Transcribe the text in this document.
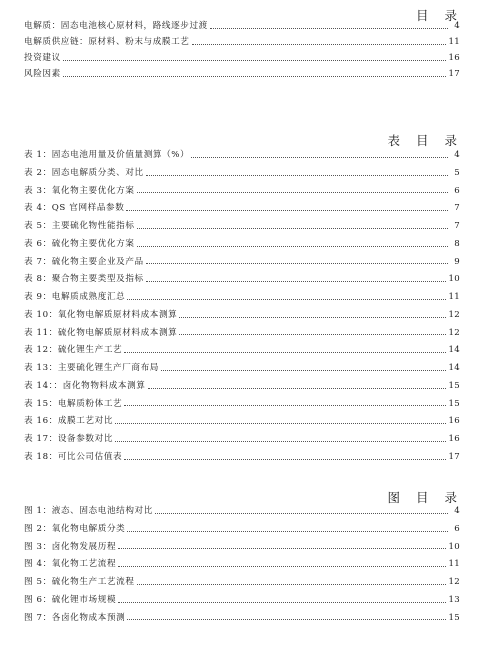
目 录
电解质：固态电池核心原材料，路线逐步过渡	4
电解质供应链：原材料、粉末与成膜工艺	11
投资建议	16
风险因素	17
表 目 录
表 1：固态电池用量及价值量测算（%）	4
表 2：固态电解质分类、对比	5
表 3：氧化物主要优化方案	6
表 4：QS 官网样品参数	7
表 5：主要硫化物性能指标	7
表 6：硫化物主要优化方案	8
表 7：硫化物主要企业及产品	9
表 8：聚合物主要类型及指标	10
表 9：电解质成熟度汇总	11
表 10：氧化物电解质原材料成本测算	12
表 11：硫化物电解质原材料成本测算	12
表 12：硫化锂生产工艺	14
表 13：主要硫化锂生产厂商布局	14
表 14：：卤化物物料成本测算	15
表 15：电解质粉体工艺	15
表 16：成膜工艺对比	16
表 17：设备参数对比	16
表 18：可比公司估值表	17
图 目 录
图 1：液态、固态电池结构对比	4
图 2：氧化物电解质分类	6
图 3：卤化物发展历程	10
图 4：氧化物工艺流程	11
图 5：硫化物生产工艺流程	12
图 6：硫化锂市场规模	13
图 7：各卤化物成本预测	15
